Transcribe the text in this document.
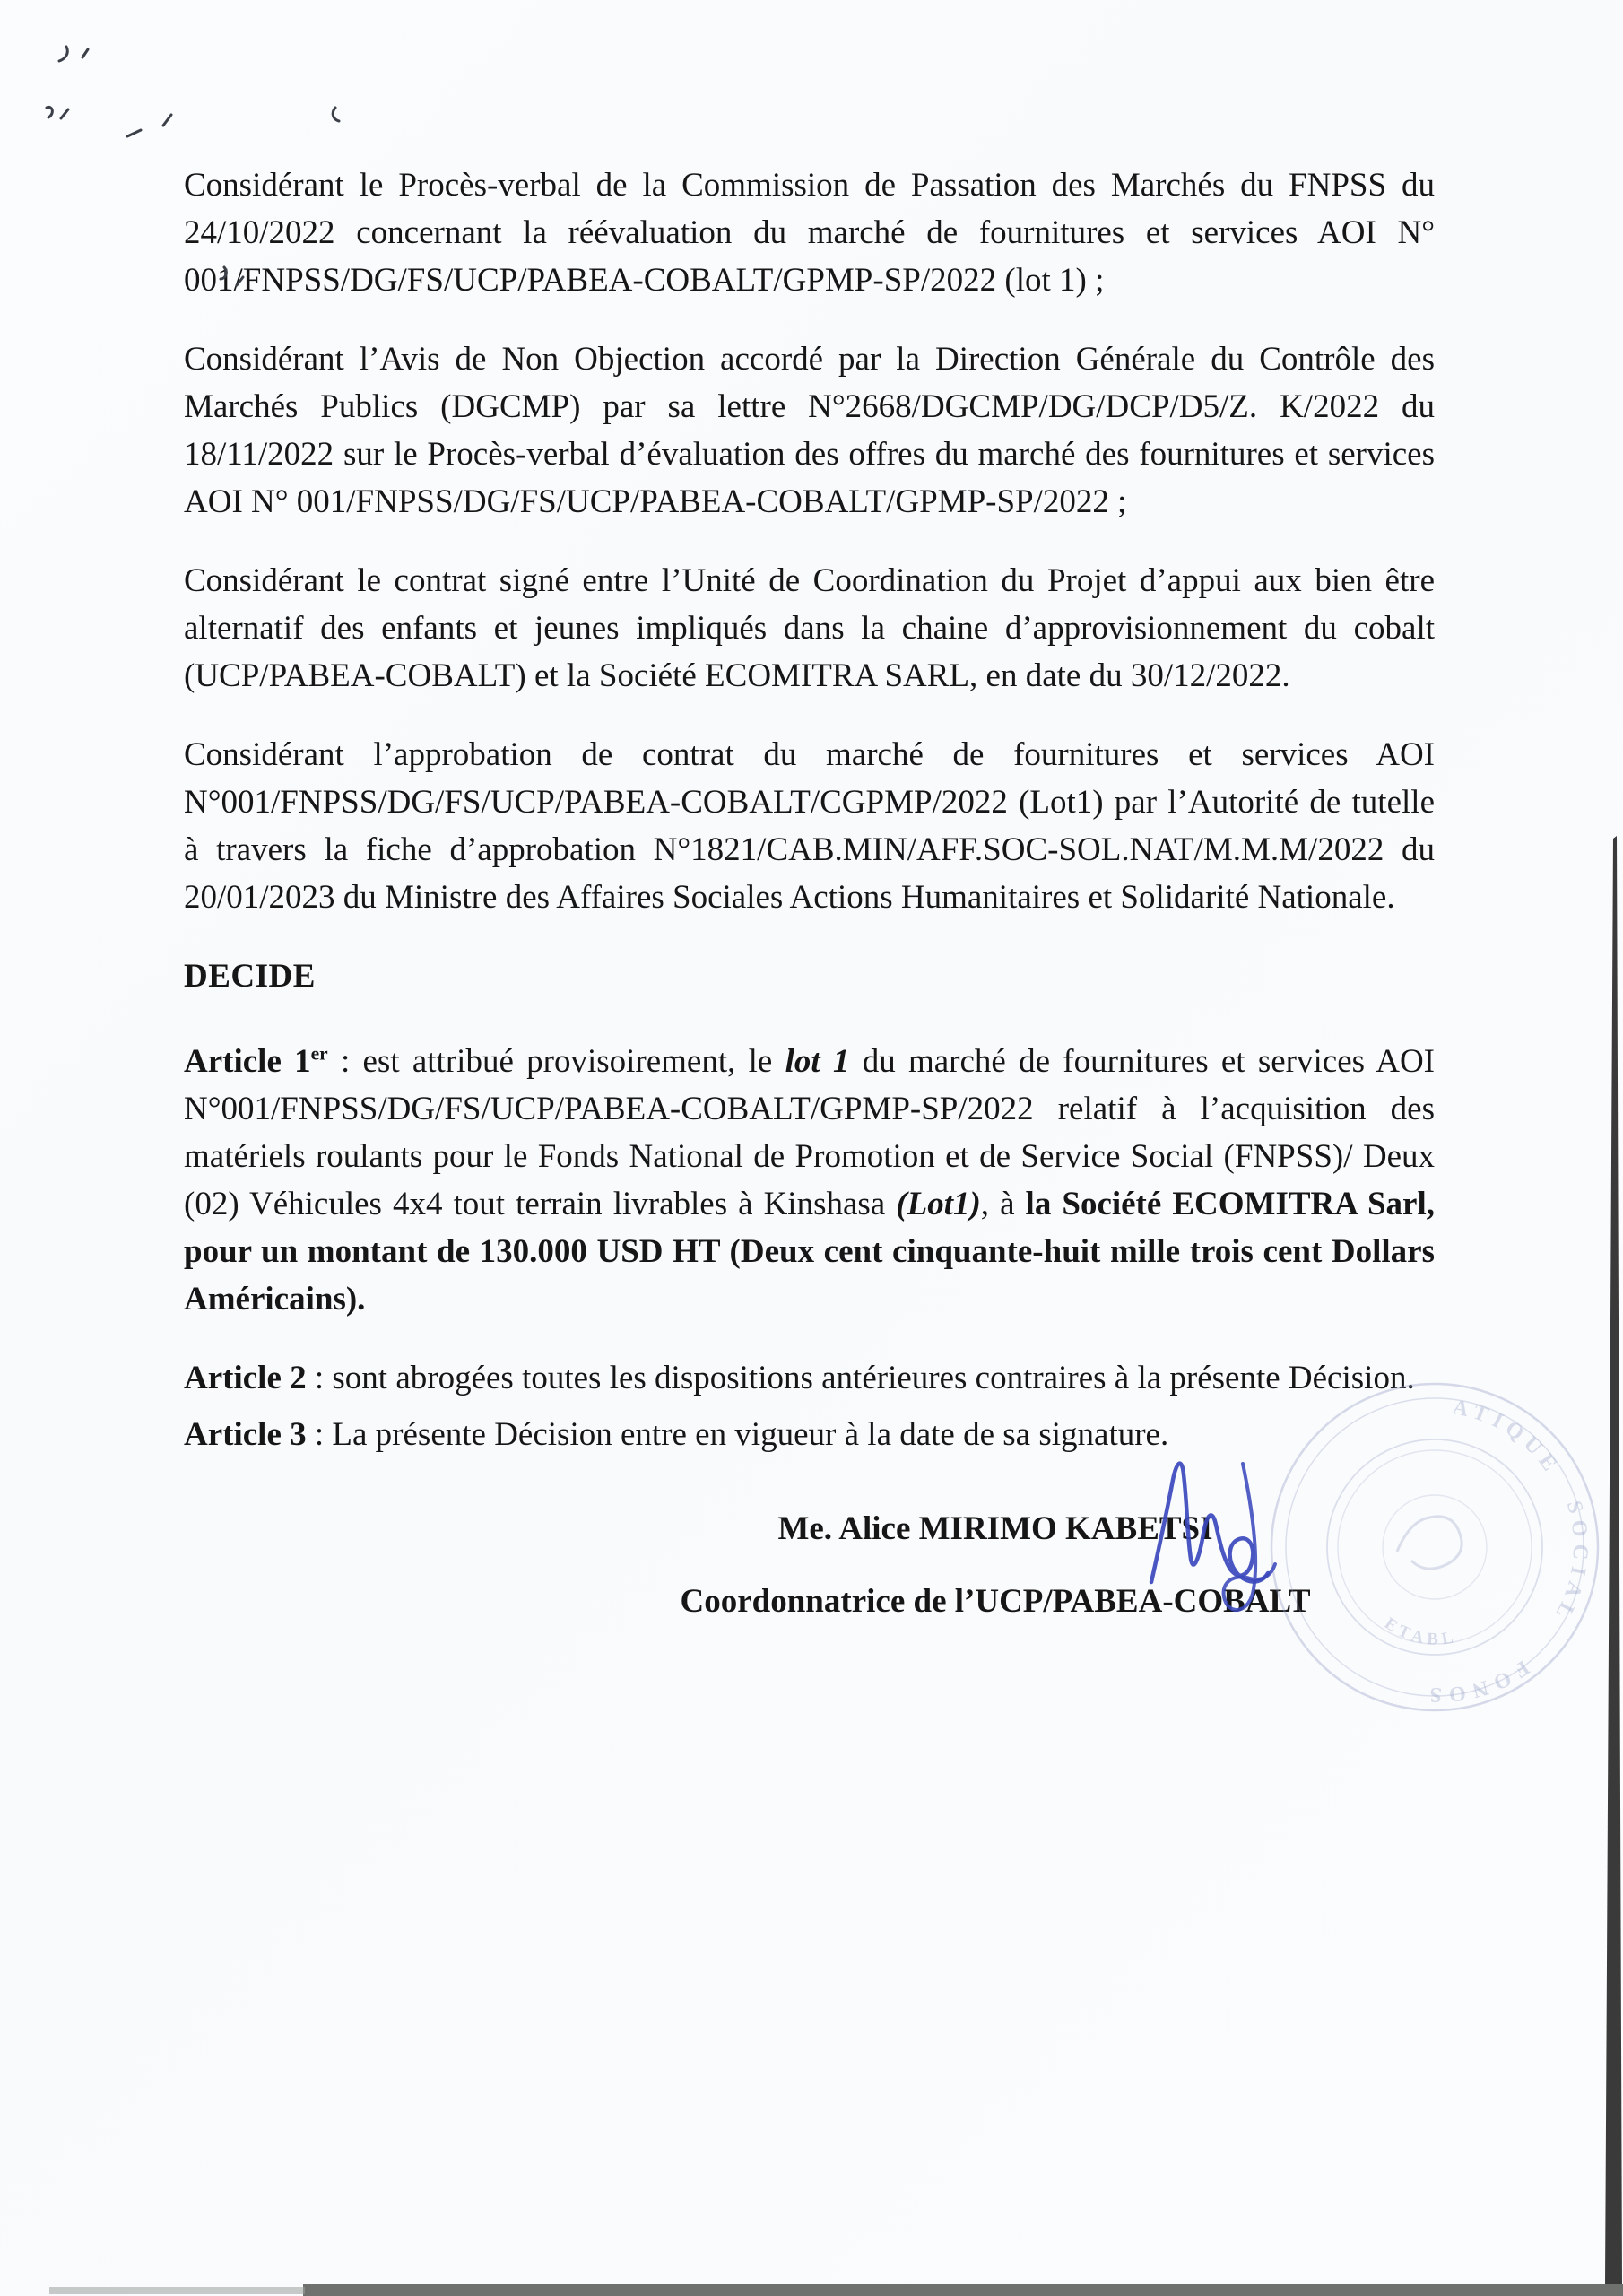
Considérant le Procès-verbal de la Commission de Passation des Marchés du FNPSS du 24/10/2022 concernant la réévaluation du marché de fournitures et services AOI N° 001/FNPSS/DG/FS/UCP/PABEA-COBALT/GPMP-SP/2022 (lot 1) ;

Considérant l’Avis de Non Objection accordé par la Direction Générale du Contrôle des Marchés Publics (DGCMP) par sa lettre N°2668/DGCMP/DG/DCP/D5/Z. K/2022 du 18/11/2022 sur le Procès-verbal d’évaluation des offres du marché des fournitures et services AOI N° 001/FNPSS/DG/FS/UCP/PABEA-COBALT/GPMP-SP/2022 ;

Considérant le contrat signé entre l’Unité de Coordination du Projet d’appui aux bien être alternatif des enfants et jeunes impliqués dans la chaine d’approvisionnement du cobalt (UCP/PABEA-COBALT) et la Société ECOMITRA SARL, en date du 30/12/2022.

Considérant l’approbation de contrat du marché de fournitures et services AOI N°001/FNPSS/DG/FS/UCP/PABEA-COBALT/CGPMP/2022 (Lot1) par l’Autorité de tutelle à travers la fiche d’approbation N°1821/CAB.MIN/AFF.SOC-SOL.NAT/M.M.M/2022 du 20/01/2023 du Ministre des Affaires Sociales Actions Humanitaires et Solidarité Nationale.

DECIDE

Article 1er : est attribué provisoirement, le lot 1 du marché de fournitures et services AOI N°001/FNPSS/DG/FS/UCP/PABEA-COBALT/GPMP-SP/2022 relatif à l’acquisition des matériels roulants pour le Fonds National de Promotion et de Service Social (FNPSS)/ Deux (02) Véhicules 4x4 tout terrain livrables à Kinshasa (Lot1), à la Société ECOMITRA Sarl, pour un montant de 130.000 USD HT (Deux cent cinquante-huit mille trois cent Dollars Américains).

Article 2 : sont abrogées toutes les dispositions antérieures contraires à la présente Décision.

Article 3 : La présente Décision entre en vigueur à la date de sa signature.

Me. Alice MIRIMO KABETSI

Coordonnatrice de l’UCP/PABEA-COBALT

ATIQUE
SOCIAL
FONOS
ETABL
